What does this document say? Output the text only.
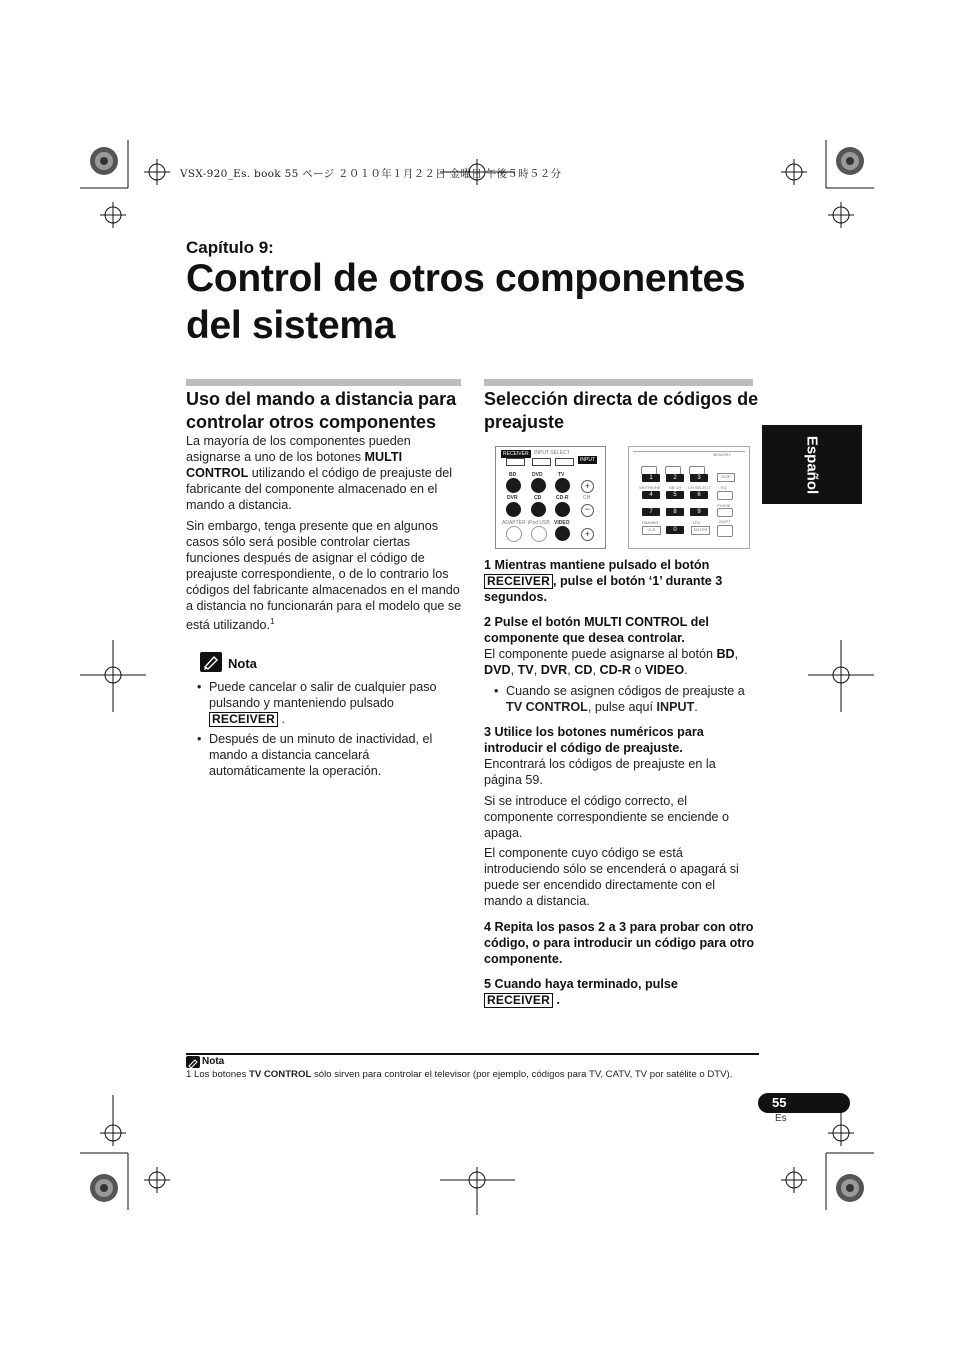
VSX-920_Es. book 55 ページ ２０１０年１月２２日 金曜日 午後５時５２分
Capítulo 9:
Control de otros componentes
del sistema
Español
Uso del mando a distancia para
controlar otros componentes

La mayoría de los componentes pueden asignarse a uno de los botones MULTI CONTROL utilizando el código de preajuste del fabricante del componente almacenado en el mando a distancia.

Sin embargo, tenga presente que en algunos casos sólo será posible controlar ciertas funciones después de asignar el código de preajuste correspondiente, o de lo contrario los códigos del fabricante almacenados en el mando a distancia no funcionarán para el modelo que se está utilizando.$^1$

Nota
• Puede cancelar o salir de cualquier paso pulsando y manteniendo pulsado
RECEIVER .
• Después de un minuto de inactividad, el mando a distancia cancelará automáticamente la operación.
Selección directa de códigos de
preajuste
RECEIVER	INPUT SELECT
INPUT
BD	DVD	TV
DVR	CD	CD-R
ADAPTER iPod USB VIDEO
+
CH
−
+
MEMORY
DISP
1	2	3
SR/TRK/HE SB CH CH SELECT	EQ
4	5	6
PHASE
7	8	9
DIMMER	LEV	SHIFT
CLR	0	ENTER

1 Mientras mantiene pulsado el botón
RECEIVER , pulse el botón ‘1’ durante 3 segundos.

2 Pulse el botón MULTI CONTROL del componente que desea controlar.

El componente puede asignarse al botón BD, DVD, TV, DVR, CD, CD-R o VIDEO.

• Cuando se asignen códigos de preajuste a TV CONTROL, pulse aquí INPUT.

3 Utilice los botones numéricos para introducir el código de preajuste.

Encontrará los códigos de preajuste en la página 59.

Si se introduce el código correcto, el componente correspondiente se enciende o apaga.

El componente cuyo código se está introduciendo sólo se encenderá o apagará si puede ser encendido directamente con el mando a distancia.

4 Repita los pasos 2 a 3 para probar con otro código, o para introducir un código para otro componente.

5 Cuando haya terminado, pulse
RECEIVER .

Nota
1 Los botones TV CONTROL sólo sirven para controlar el televisor (por ejemplo, códigos para TV, CATV, TV por satélite o DTV).
55
Es
